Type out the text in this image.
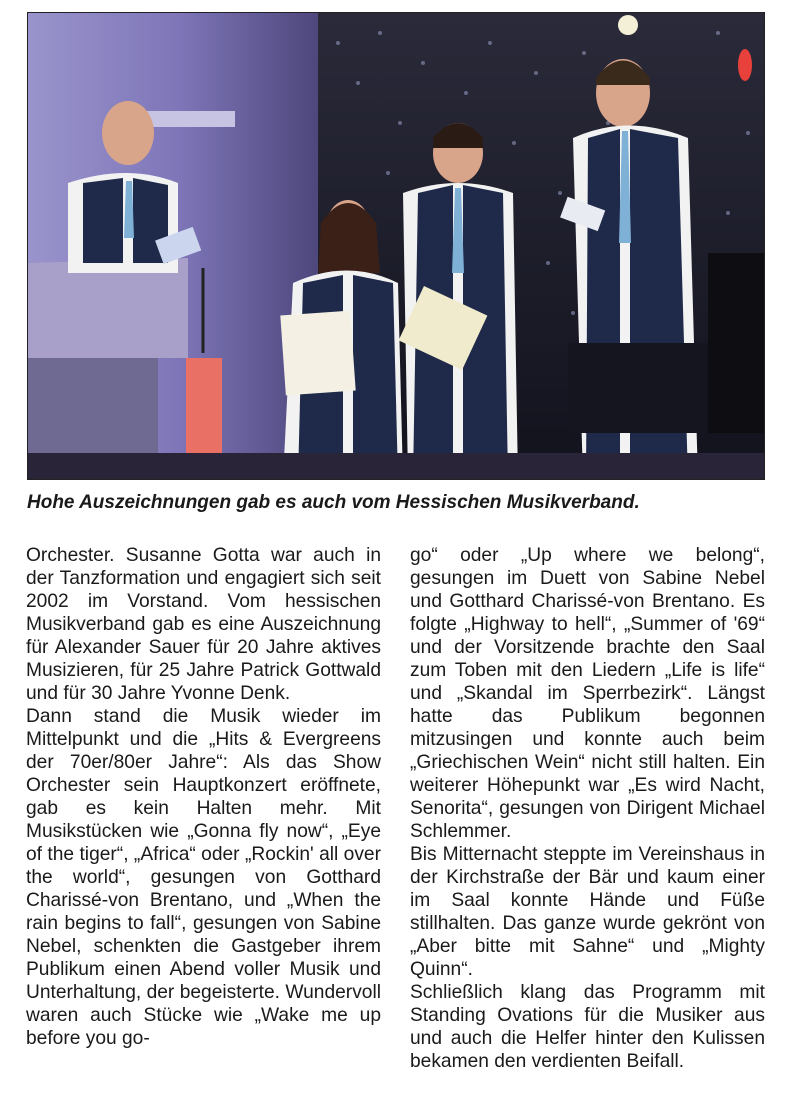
Hohe Auszeichnungen gab es auch vom Hessischen Musikverband.

Orchester. Susanne Gotta war auch in der Tanzformation und engagiert sich seit 2002 im Vorstand. Vom hessischen Musikverband gab es eine Auszeichnung für Alexander Sauer für 20 Jahre aktives Musizieren, für 25 Jahre Patrick Gottwald und für 30 Jahre Yvonne Denk.

Dann stand die Musik wieder im Mittelpunkt und die „Hits & Evergreens der 70er/80er Jahre“: Als das Show Orchester sein Hauptkonzert eröffnete, gab es kein Halten mehr. Mit Musikstücken wie „Gonna fly now“, „Eye of the tiger“, „Africa“ oder „Rockin' all over the world“, gesungen von Gotthard Charissé-von Brentano, und „When the rain begins to fall“, gesungen von Sabine Nebel, schenkten die Gastgeber ihrem Publikum einen Abend voller Musik und Unterhaltung, der begeisterte. Wundervoll waren auch Stücke wie „Wake me up before you go-

go“ oder „Up where we belong“, gesungen im Duett von Sabine Nebel und Gotthard Charissé-von Brentano. Es folgte „Highway to hell“, „Summer of '69“ und der Vorsitzende brachte den Saal zum Toben mit den Liedern „Life is life“ und „Skandal im Sperrbezirk“. Längst hatte das Publikum begonnen mitzusingen und konnte auch beim „Griechischen Wein“ nicht still halten. Ein weiterer Höhepunkt war „Es wird Nacht, Senorita“, gesungen von Dirigent Michael Schlemmer.

Bis Mitternacht steppte im Vereinshaus in der Kirchstraße der Bär und kaum einer im Saal konnte Hände und Füße stillhalten. Das ganze wurde gekrönt von „Aber bitte mit Sahne“ und „Mighty Quinn“.

Schließlich klang das Programm mit Standing Ovations für die Musiker aus und auch die Helfer hinter den Kulissen bekamen den verdienten Beifall.
